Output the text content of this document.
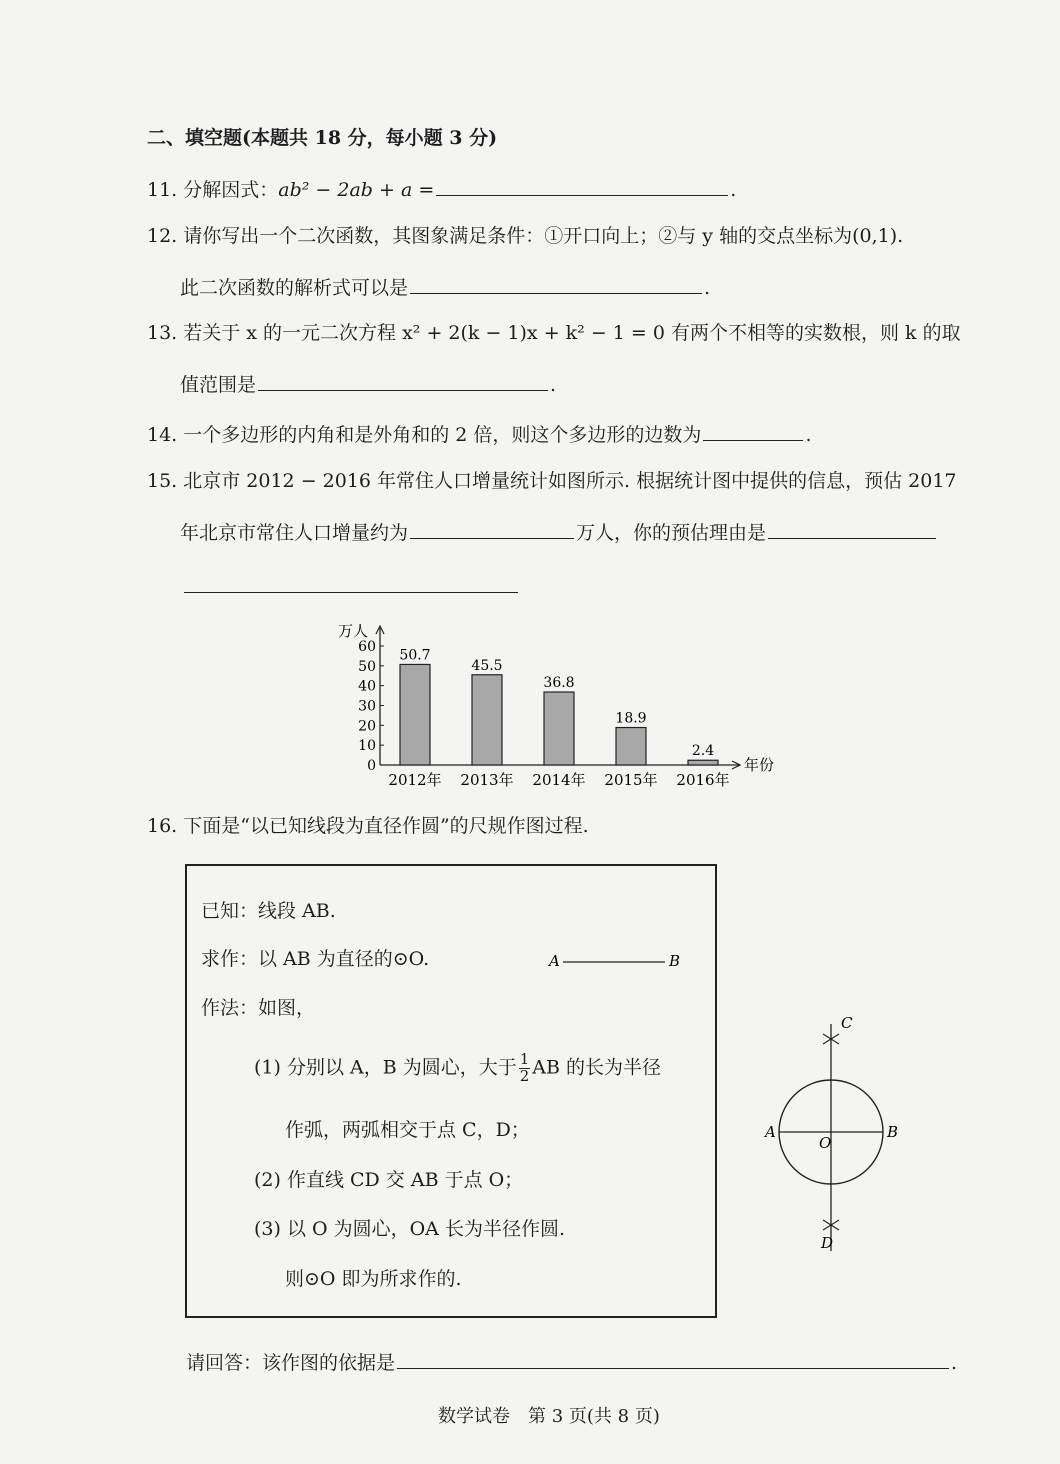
二、填空题(本题共 18 分，每小题 3 分)
11. 分解因式：ab² − 2ab + a =	.
12. 请你写出一个二次函数，其图象满足条件：①开口向上；②与 y 轴的交点坐标为(0,1).
此二次函数的解析式可以是	.
13. 若关于 x 的一元二次方程 x² + 2(k − 1)x + k² − 1 = 0 有两个不相等的实数根，则 k 的取
值范围是	.
14. 一个多边形的内角和是外角和的 2 倍，则这个多边形的边数为	.
15. 北京市 2012 − 2016 年常住人口增量统计如图所示. 根据统计图中提供的信息，预估 2017
年北京市常住人口增量约为	万人，你的预估理由是
万人
年份
0
10
20
30
40
50
60
50.7
2012年
45.5
2013年
36.8
2014年
18.9
2015年
2.4
2016年
16. 下面是“以已知线段为直径作圆”的尺规作图过程.
已知：线段 AB.
求作：以 AB 为直径的⊙O.
作法：如图，
(1) 分别以 A，B 为圆心，大于 $\frac{1}{2}$ AB 的长为半径
作弧，两弧相交于点 C，D；
(2) 作直线 CD 交 AB 于点 O；
(3) 以 O 为圆心，OA 长为半径作圆.
则⊙O 即为所求作的.
A	B
C
D
A	B
O
请回答：该作图的依据是	.
数学试卷　第 3 页(共 8 页)
